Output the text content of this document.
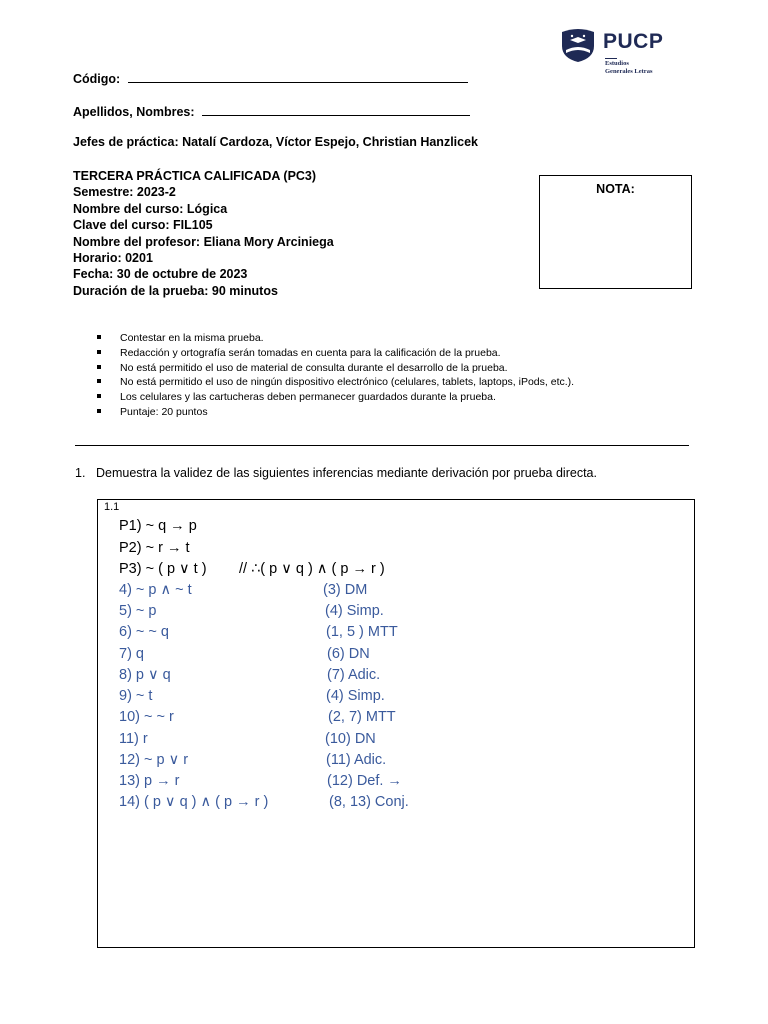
PUCP
Estudios
Generales Letras
Código:
Apellidos, Nombres:
Jefes de práctica: Natalí Cardoza, Víctor Espejo, Christian Hanzlicek
TERCERA PRÁCTICA CALIFICADA (PC3)
Semestre: 2023-2
Nombre del curso: Lógica
Clave del curso: FIL105
Nombre del profesor: Eliana Mory Arciniega
Horario: 0201
Fecha: 30 de octubre de 2023
Duración de la prueba: 90 minutos
NOTA:
Contestar en la misma prueba.
Redacción y ortografía serán tomadas en cuenta para la calificación de la prueba.
No está permitido el uso de material de consulta durante el desarrollo de la prueba.
No está permitido el uso de ningún dispositivo electrónico (celulares, tablets, laptops, iPods, etc.).
Los celulares y las cartucheras deben permanecer guardados durante la prueba.
Puntaje: 20 puntos
1. Demuestra la validez de las siguientes inferencias mediante derivación por prueba directa.
1.1
P1) ~ q → p
P2) ~ r → t
P3) ~ ( p ∨ t ) // ∴( p ∨ q ) ∧ ( p → r )
4) ~ p ∧ ~ t	(3) DM
5) ~ p	(4) Simp.
6) ~ ~ q	(1, 5 ) MTT
7) q	(6) DN
8) p ∨ q	(7) Adic.
9) ~ t	(4) Simp.
10) ~ ~ r	(2, 7) MTT
11) r	(10) DN
12) ~ p ∨ r	(11) Adic.
13) p → r	(12) Def. →
14) ( p ∨ q ) ∧ ( p → r )	(8, 13) Conj.
